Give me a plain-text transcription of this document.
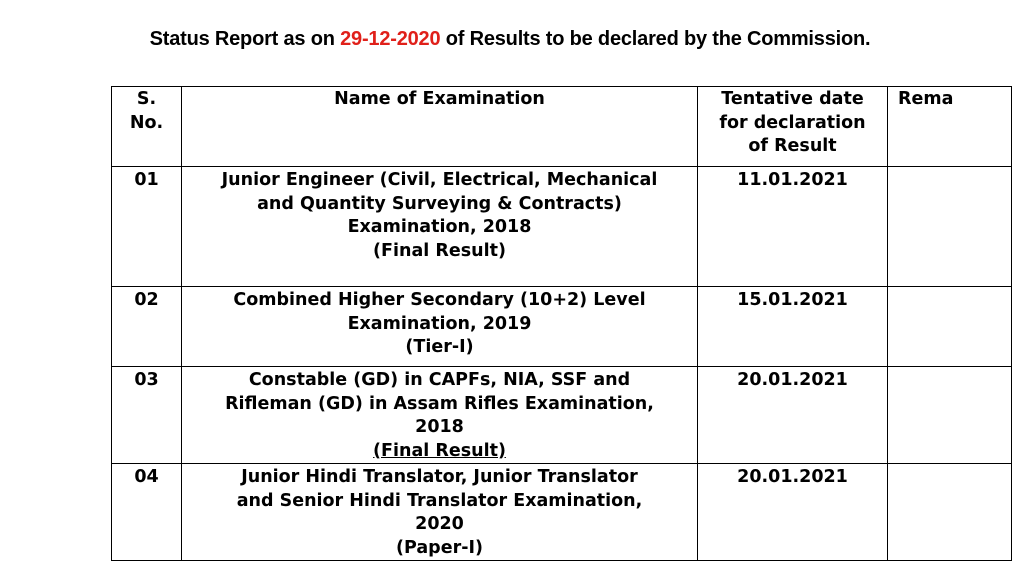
Status Report as on 29-12-2020 of Results to be declared by the Commission.
S.
No.	Name of Examination	Tentative date
for declaration
of Result	Rema
01	Junior Engineer (Civil, Electrical, Mechanical
and Quantity Surveying & Contracts)
Examination, 2018
(Final Result)	11.01.2021	
02	Combined Higher Secondary (10+2) Level
Examination, 2019
(Tier-I)	15.01.2021	
03	Constable (GD) in CAPFs, NIA, SSF and
Rifleman (GD) in Assam Rifles Examination,
2018
(Final Result)	20.01.2021	
04	Junior Hindi Translator, Junior Translator
and Senior Hindi Translator Examination,
2020
(Paper-I)	20.01.2021	
